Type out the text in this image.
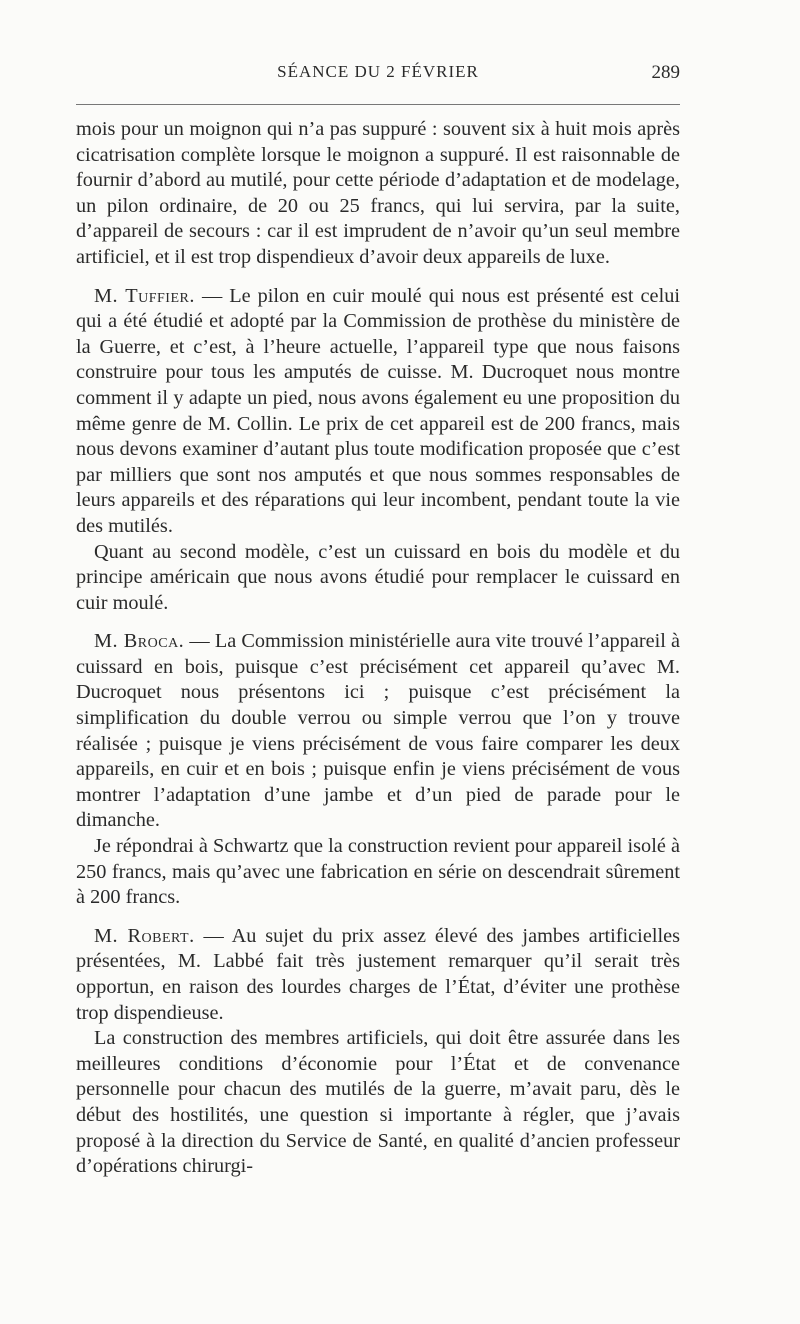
SÉANCE DU 2 FÉVRIER	289

mois pour un moignon qui n’a pas suppuré : souvent six à huit mois après cicatrisation complète lorsque le moignon a suppuré. Il est raisonnable de fournir d’abord au mutilé, pour cette période d’adaptation et de modelage, un pilon ordinaire, de 20 ou 25 francs, qui lui servira, par la suite, d’appareil de secours : car il est imprudent de n’avoir qu’un seul membre artificiel, et il est trop dispendieux d’avoir deux appareils de luxe.

M. Tuffier. — Le pilon en cuir moulé qui nous est présenté est celui qui a été étudié et adopté par la Commission de prothèse du ministère de la Guerre, et c’est, à l’heure actuelle, l’appareil type que nous faisons construire pour tous les amputés de cuisse. M. Ducroquet nous montre comment il y adapte un pied, nous avons également eu une proposition du même genre de M. Collin. Le prix de cet appareil est de 200 francs, mais nous devons examiner d’autant plus toute modification proposée que c’est par milliers que sont nos amputés et que nous sommes responsables de leurs appareils et des réparations qui leur incombent, pendant toute la vie des mutilés.

Quant au second modèle, c’est un cuissard en bois du modèle et du principe américain que nous avons étudié pour remplacer le cuissard en cuir moulé.

M. Broca. — La Commission ministérielle aura vite trouvé l’appareil à cuissard en bois, puisque c’est précisément cet appareil qu’avec M. Ducroquet nous présentons ici ; puisque c’est précisément la simplification du double verrou ou simple verrou que l’on y trouve réalisée ; puisque je viens précisément de vous faire comparer les deux appareils, en cuir et en bois ; puisque enfin je viens précisément de vous montrer l’adaptation d’une jambe et d’un pied de parade pour le dimanche.

Je répondrai à Schwartz que la construction revient pour appareil isolé à 250 francs, mais qu’avec une fabrication en série on descendrait sûrement à 200 francs.

M. Robert. — Au sujet du prix assez élevé des jambes artificielles présentées, M. Labbé fait très justement remarquer qu’il serait très opportun, en raison des lourdes charges de l’État, d’éviter une prothèse trop dispendieuse.

La construction des membres artificiels, qui doit être assurée dans les meilleures conditions d’économie pour l’État et de convenance personnelle pour chacun des mutilés de la guerre, m’avait paru, dès le début des hostilités, une question si importante à régler, que j’avais proposé à la direction du Service de Santé, en qualité d’ancien professeur d’opérations chirurgi-
